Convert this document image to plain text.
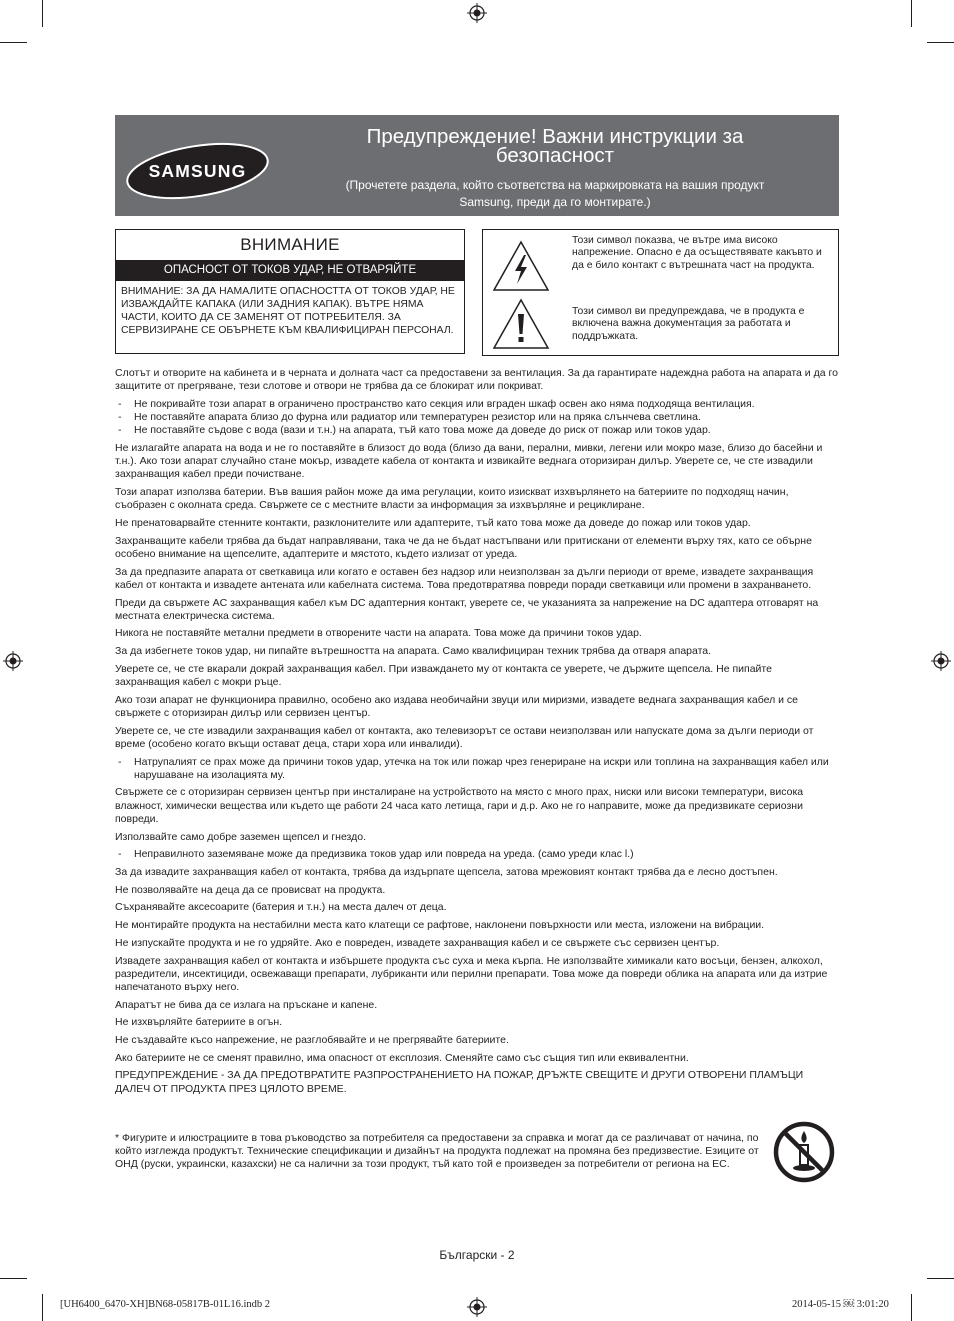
SAMSUNG
Предупреждение! Важни инструкции за
безопасност
(Прочетете раздела, който съответства на маркировката на вашия продукт
Samsung, преди да го монтирате.)
ВНИМАНИЕ
ОПАСНОСТ ОТ ТОКОВ УДАР, НЕ ОТВАРЯЙТЕ
ВНИМАНИЕ: ЗА ДА НАМАЛИТЕ ОПАСНОСТТА ОТ ТОКОВ УДАР, НЕ ИЗВАЖДАЙТЕ КАПАКА (ИЛИ ЗАДНИЯ КАПАК). ВЪТРЕ НЯМА ЧАСТИ, КОИТО ДА СЕ ЗАМЕНЯТ ОТ ПОТРЕБИТЕЛЯ. ЗА СЕРВИЗИРАНЕ СЕ ОБЪРНЕТЕ КЪМ КВАЛИФИЦИРАН ПЕРСОНАЛ.
Този символ показва, че вътре има високо напрежение. Опасно е да осъществявате какъвто и да е било контакт с вътрешната част на продукта.
Този символ ви предупреждава, че в продукта е включена важна документация за работата и поддръжката.

Слотът и отворите на кабинета и в черната и долната част са предоставени за вентилация. За да гарантирате надеждна работа на апарата и да го защитите от прегряване, тези слотове и отвори не трябва да се блокират или покриват.

- Не покривайте този апарат в ограничено пространство като секция или вграден шкаф освен ако няма подходяща вентилация.

- Не поставяйте апарата близо до фурна или радиатор или температурен резистор или на пряка слънчева светлина.

- Не поставяйте съдове с вода (вази и т.н.) на апарата, тъй като това може да доведе до риск от пожар или токов удар.

Не излагайте апарата на вода и не го поставяйте в близост до вода (близо да вани, перални, мивки, легени или мокро мазе, близо до басейни и т.н.). Ако този апарат случайно стане мокър, извадете кабела от контакта и извикайте веднага оторизиран дилър. Уверете се, че сте извадили захранващия кабел преди почистване.

Този апарат използва батерии. Във вашия район може да има регулации, които изискват изхвърлянето на батериите по подходящ начин, съобразен с околната среда. Свържете се с местните власти за информация за изхвърляне и рециклиране.

Не пренатоварвайте стенните контакти, разклонителите или адаптерите, тъй като това може да доведе до пожар или токов удар.

Захранващите кабели трябва да бъдат направлявани, така че да не бъдат настъпвани или притискани от елементи върху тях, като се обърне особено внимание на щепселите, адаптерите и мястото, където излизат от уреда.

За да предпазите апарата от светкавица или когато е оставен без надзор или неизползван за дълги периоди от време, извадете захранващия кабел от контакта и извадете антената или кабелната система. Това предотвратява повреди поради светкавици или промени в захранването.

Преди да свържете AC захранващия кабел към DC адаптерния контакт, уверете се, че указанията за напрежение на DC адаптера отговарят на местната електрическа система.

Никога не поставяйте метални предмети в отворените части на апарата. Това може да причини токов удар.

За да избегнете токов удар, ни пипайте вътрешността на апарата. Само квалифициран техник трябва да отваря апарата.

Уверете се, че сте вкарали докрай захранващия кабел. При изваждането му от контакта се уверете, че държите щепсела. Не пипайте захранващия кабел с мокри ръце.

Ако този апарат не функционира правилно, особено ако издава необичайни звуци или миризми, извадете веднага захранващия кабел и се свържете с оторизиран дилър или сервизен център.

Уверете се, че сте извадили захранващия кабел от контакта, ако телевизорът се остави неизползван или напускате дома за дълги периоди от време (особено когато вкъщи остават деца, стари хора или инвалиди).

- Натрупалият се прах може да причини токов удар, утечка на ток или пожар чрез генериране на искри или топлина на захранващия кабел или нарушаване на изолацията му.

Свържете се с оторизиран сервизен център при инсталиране на устройството на място с много прах, ниски или високи температури, висока влажност, химически вещества или където ще работи 24 часа като летища, гари и д.р. Ако не го направите, може да предизвикате сериозни повреди.

Използвайте само добре заземен щепсел и гнездо.

- Неправилното заземяване може да предизвика токов удар или повреда на уреда. (само уреди клас l.)

За да извадите захранващия кабел от контакта, трябва да издърпате щепсела, затова мрежовият контакт трябва да е лесно достъпен.

Не позволявайте на деца да се провисват на продукта.

Съхранявайте аксесоарите (батерия и т.н.) на места далеч от деца.

Не монтирайте продукта на нестабилни места като клатещи се рафтове, наклонени повърхности или места, изложени на вибрации.

Не изпускайте продукта и не го удряйте. Ако е повреден, извадете захранващия кабел и се свържете със сервизен център.

Извадете захранващия кабел от контакта и избършете продукта със суха и мека кърпа. Не използвайте химикали като восъци, бензен, алкохол, разредители, инсектициди, освежаващи препарати, лубриканти или перилни препарати. Това може да повреди облика на апарата или да изтрие напечатаното върху него.

Апаратът не бива да се излага на пръскане и капене.

Не изхвърляйте батериите в огън.

Не създавайте късо напрежение, не разглобявайте и не прегрявайте батериите.

Ако батериите не се сменят правилно, има опасност от експлозия. Сменяйте само със същия тип или еквивалентни.

ПРЕДУПРЕЖДЕНИЕ - ЗА ДА ПРЕДОТВРАТИТЕ РАЗПРОСТРАНЕНИЕТО НА ПОЖАР, ДРЪЖТЕ СВЕЩИТЕ И ДРУГИ ОТВОРЕНИ ПЛАМЪЦИ ДАЛЕЧ ОТ ПРОДУКТА ПРЕЗ ЦЯЛОТО ВРЕМЕ.

* Фигурите и илюстрациите в това ръководство за потребителя са предоставени за справка и могат да се различават от начина, по който изглежда продуктът. Технические спецификации и дизайнът на продукта подлежат на промяна без предизвестие. Езиците от ОНД (руски, украински, казахски) не са налични за този продукт, тъй като той е произведен за потребители от региона на ЕС.
Български - 2
[UH6400_6470-XH]BN68-05817B-01L16.indb 2	2014-05-15 ￼ 3:01:20
